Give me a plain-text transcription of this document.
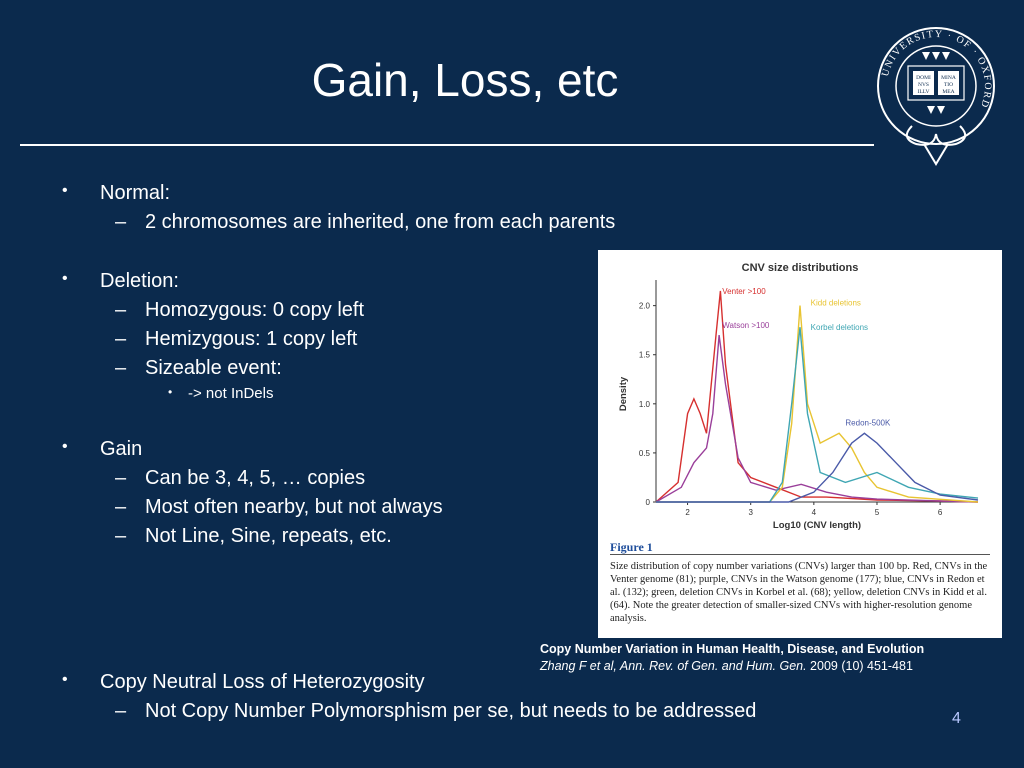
Gain, Loss, etc	UNIVERSITY · OF · OXFORD
DOMI
NVS
ILLV
MINA
TIO
MEA
• Normal:
– 2 chromosomes are inherited, one from each parents
• Deletion:
– Homozygous: 0 copy left
– Hemizygous: 1 copy left
– Sizeable event:
• -> not InDels
• Gain
– Can be 3, 4, 5, … copies
– Most often nearby, but not always
– Not Line, Sine, repeats, etc.
• Copy Neutral Loss of Heterozygosity
– Not Copy Number Polymorsphism per se, but needs to be addressed
CNV size distributions
0
0.5
1.0
1.5
2.0
2	3	4	5	6
Log10 (CNV length)
Density
Venter >100
Watson >100
Kidd deletions
Korbel deletions
Redon-500K
Figure 1
Size distribution of copy number variations (CNVs) larger than 100 bp. Red, CNVs in the Venter genome (81); purple, CNVs in the Watson genome (177); blue, CNVs in Redon et al. (132); green, deletion CNVs in Korbel et al. (68); yellow, deletion CNVs in Kidd et al. (64). Note the greater detection of smaller-sized CNVs with higher-resolution genome analysis.
Copy Number Variation in Human Health, Disease, and Evolution
Zhang F et al, Ann. Rev. of Gen. and Hum. Gen. 2009 (10) 451-481
4
